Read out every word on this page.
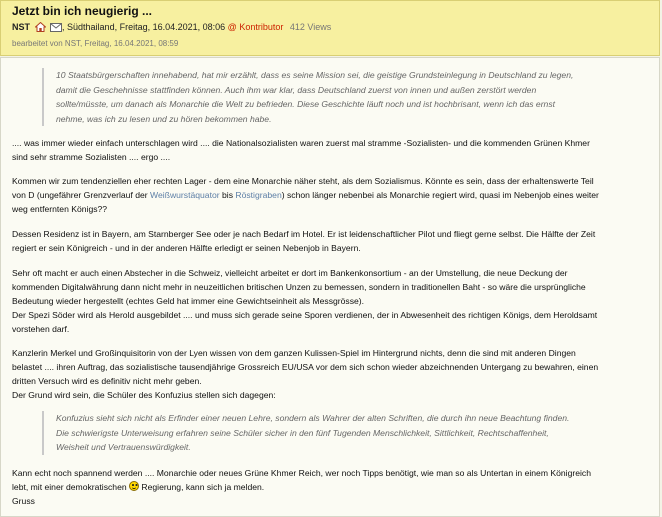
Jetzt bin ich neugierig ...
NST	, Südthailand, Freitag, 16.04.2021, 08:06 @ Kontributor 412 Views
bearbeitet von NST, Freitag, 16.04.2021, 08:59
10 Staatsbürgerschaften innehabend, hat mir erzählt, dass es seine Mission sei, die geistige Grundsteinlegung in Deutschland zu legen,
damit die Geschehnisse stattfinden können. Auch ihm war klar, dass Deutschland zuerst von innen und außen zerstört werden
sollte/müsste, um danach als Monarchie die Welt zu befrieden. Diese Geschichte läuft noch und ist hochbrisant, wenn ich das ernst
nehme, was ich zu lesen und zu hören bekommen habe.
.... was immer wieder einfach unterschlagen wird .... die Nationalsozialisten waren zuerst mal stramme -Sozialisten- und die kommenden Grünen Khmer
sind sehr stramme Sozialisten .... ergo ....
Kommen wir zum tendenziellen eher rechten Lager - dem eine Monarchie näher steht, als dem Sozialismus. Könnte es sein, dass der erhaltenswerte Teil
von D (ungefährer Grenzverlauf der Weißwurstäquator bis Röstigraben) schon länger nebenbei als Monarchie regiert wird, quasi im Nebenjob eines weiter
weg entfernten Königs??
Dessen Residenz ist in Bayern, am Starnberger See oder je nach Bedarf im Hotel. Er ist leidenschaftlicher Pilot und fliegt gerne selbst. Die Hälfte der Zeit
regiert er sein Königreich - und in der anderen Hälfte erledigt er seinen Nebenjob in Bayern.
Sehr oft macht er auch einen Abstecher in die Schweiz, vielleicht arbeitet er dort im Bankenkonsortium - an der Umstellung, die neue Deckung der
kommenden Digitalwährung dann nicht mehr in neuzeitlichen britischen Unzen zu bemessen, sondern in traditionellen Baht - so wäre die ursprüngliche
Bedeutung wieder hergestellt (echtes Geld hat immer eine Gewichtseinheit als Messgrösse).
Der Spezi Söder wird als Herold ausgebildet .... und muss sich gerade seine Sporen verdienen, der in Abwesenheit des richtigen Königs, dem Heroldsamt
vorstehen darf.
Kanzlerin Merkel und Großinquisitorin von der Lyen wissen von dem ganzen Kulissen-Spiel im Hintergrund nichts, denn die sind mit anderen Dingen
belastet .... ihren Auftrag, das sozialistische tausendjährige Grossreich EU/USA vor dem sich schon wieder abzeichnenden Untergang zu bewahren, einen
dritten Versuch wird es definitiv nicht mehr geben.
Der Grund wird sein, die Schüler des Konfuzius stellen sich dagegen:
Konfuzius sieht sich nicht als Erfinder einer neuen Lehre, sondern als Wahrer der alten Schriften, die durch ihn neue Beachtung finden.
Die schwierigste Unterweisung erfahren seine Schüler sicher in den fünf Tugenden Menschlichkeit, Sittlichkeit, Rechtschaffenheit,
Weisheit und Vertrauenswürdigkeit.
Kann echt noch spannend werden .... Monarchie oder neues Grüne Khmer Reich, wer noch Tipps benötigt, wie man so als Untertan in einem Königreich
lebt, mit einer demokratischen  Regierung, kann sich ja melden.
Gruss
